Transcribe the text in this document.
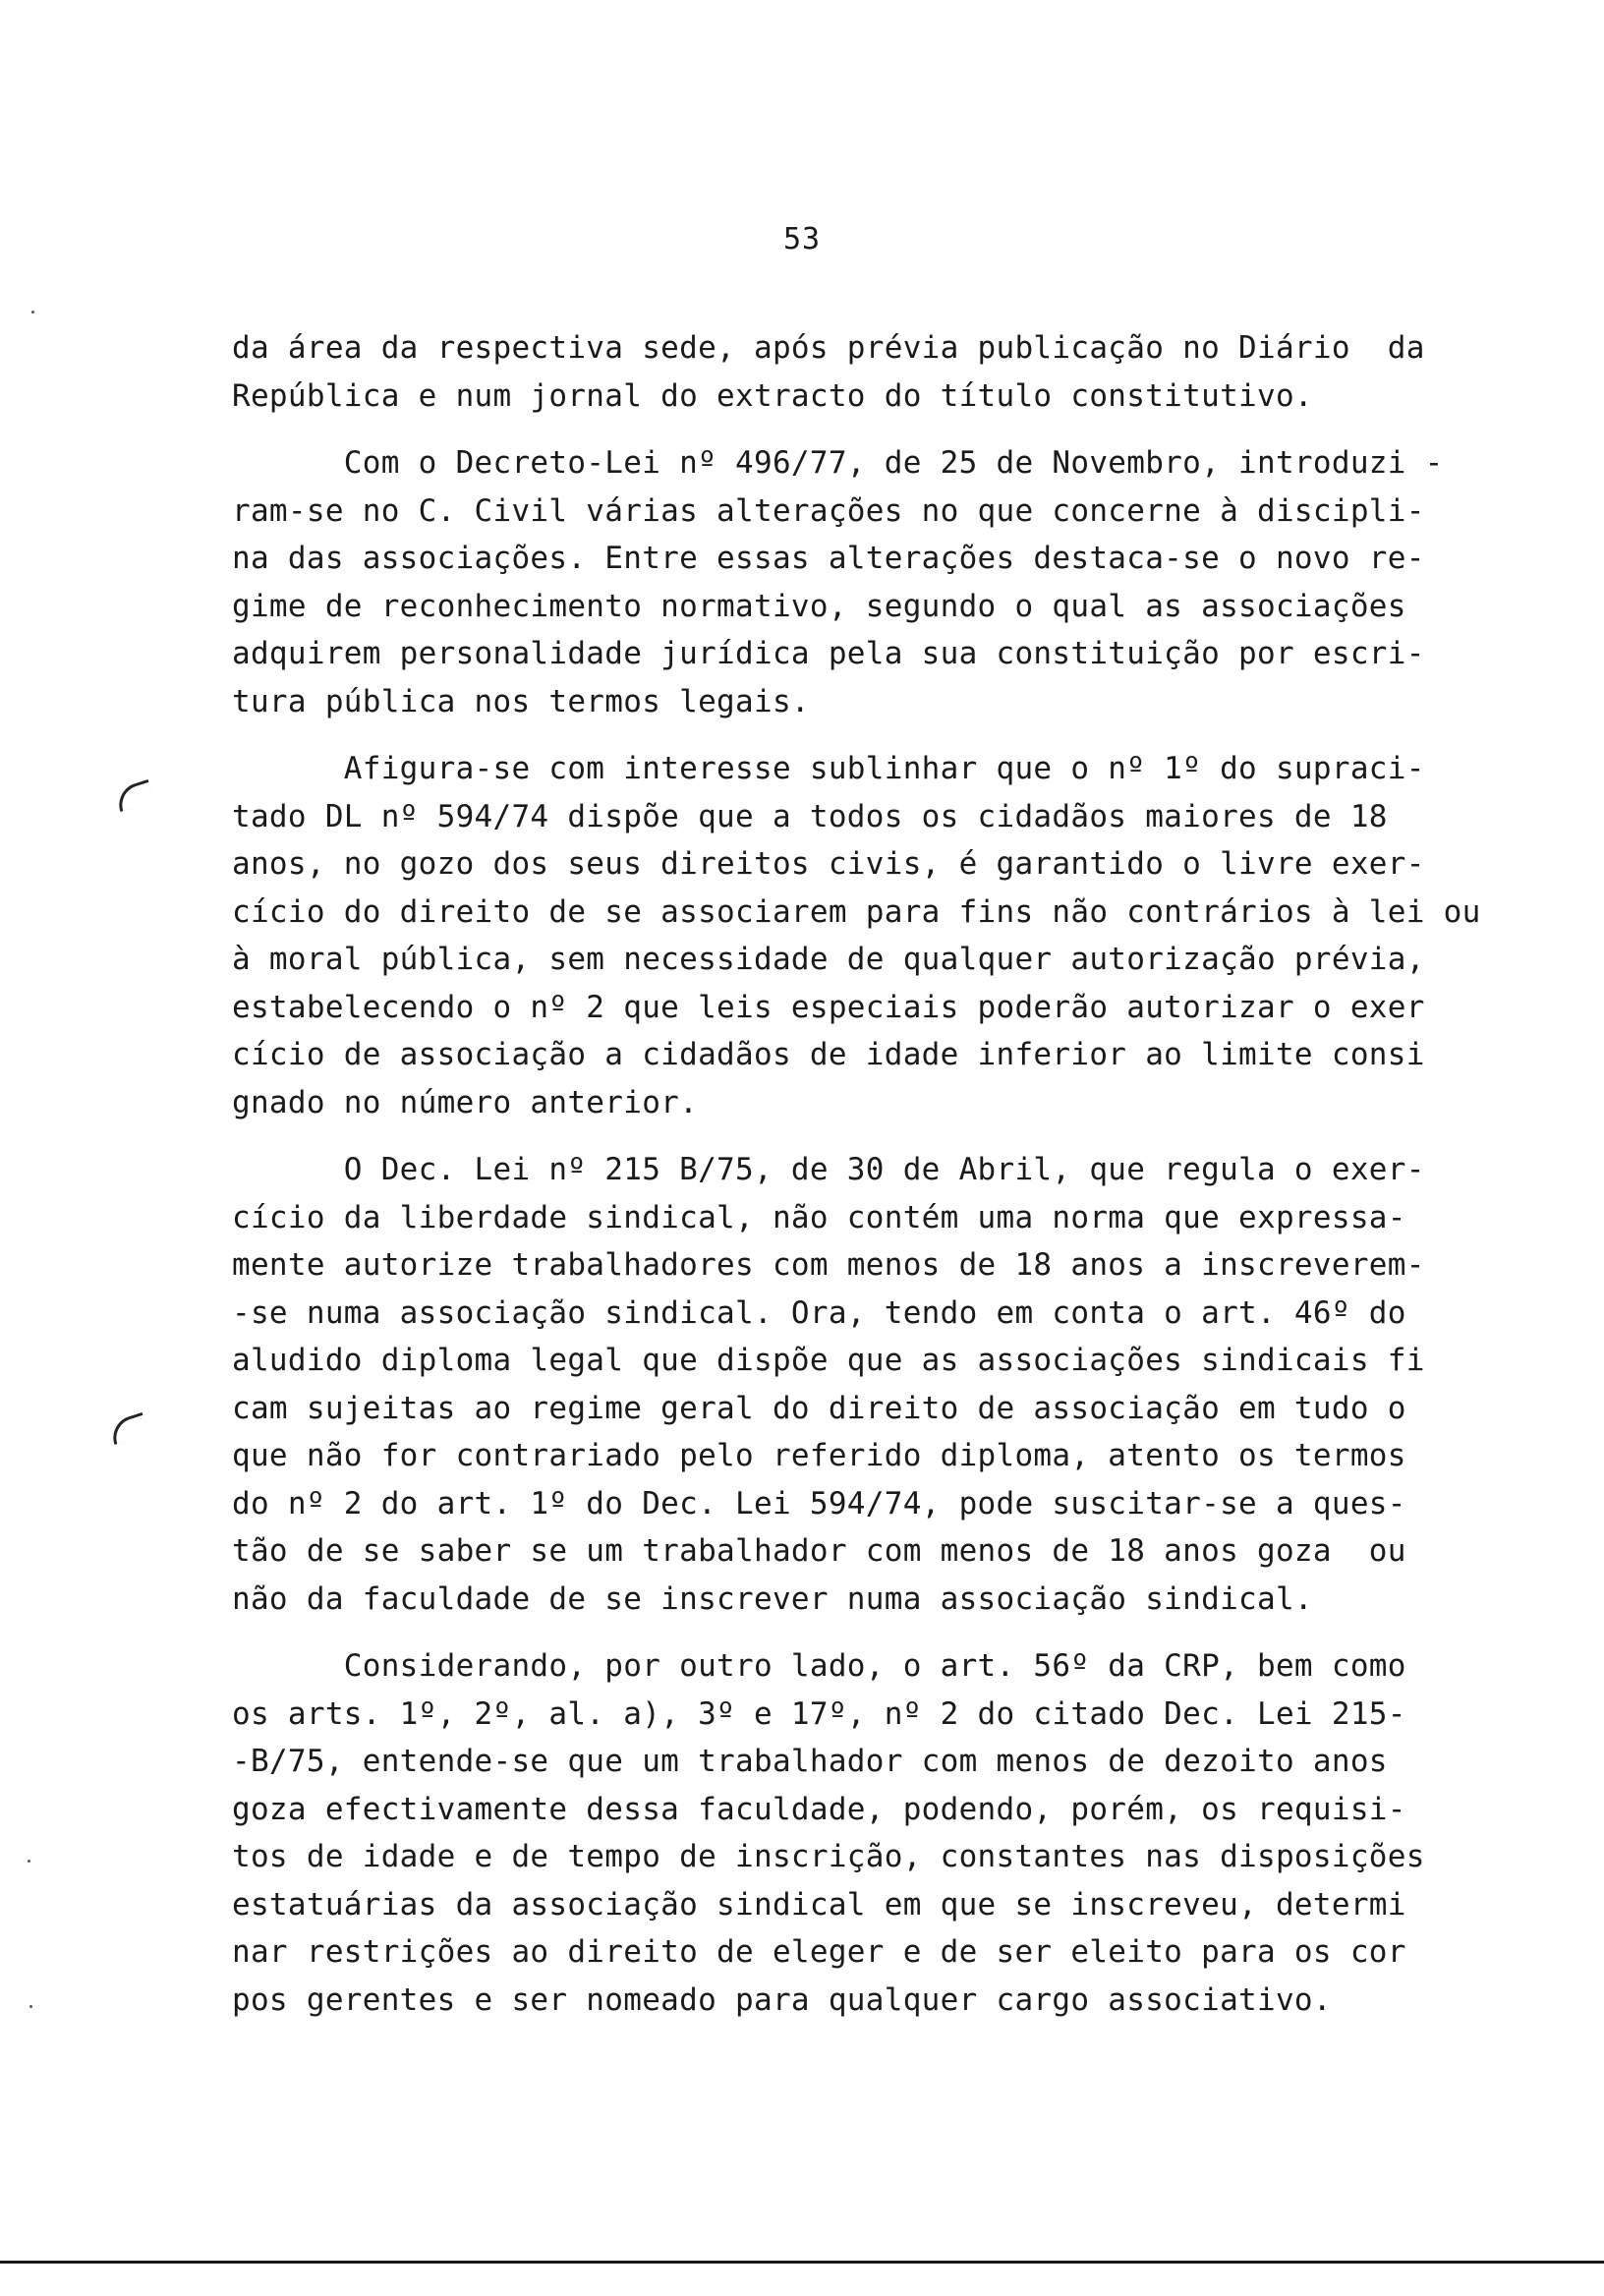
53
da área da respectiva sede, após prévia publicação no Diário  da
República e num jornal do extracto do título constitutivo.
Com o Decreto-Lei nº 496/77, de 25 de Novembro, introduzi -
ram-se no C. Civil várias alterações no que concerne à discipli-
na das associações. Entre essas alterações destaca-se o novo re-
gime de reconhecimento normativo, segundo o qual as associações
adquirem personalidade jurídica pela sua constituição por escri-
tura pública nos termos legais.
Afigura-se com interesse sublinhar que o nº 1º do supraci-
tado DL nº 594/74 dispõe que a todos os cidadãos maiores de 18
anos, no gozo dos seus direitos civis, é garantido o livre exer-
cício do direito de se associarem para fins não contrários à lei ou
à moral pública, sem necessidade de qualquer autorização prévia,
estabelecendo o nº 2 que leis especiais poderão autorizar o exer
cício de associação a cidadãos de idade inferior ao limite consi
gnado no número anterior.
O Dec. Lei nº 215 B/75, de 30 de Abril, que regula o exer-
cício da liberdade sindical, não contém uma norma que expressa-
mente autorize trabalhadores com menos de 18 anos a inscreverem-
-se numa associação sindical. Ora, tendo em conta o art. 46º do
aludido diploma legal que dispõe que as associações sindicais fi
cam sujeitas ao regime geral do direito de associação em tudo o
que não for contrariado pelo referido diploma, atento os termos
do nº 2 do art. 1º do Dec. Lei 594/74, pode suscitar-se a ques-
tão de se saber se um trabalhador com menos de 18 anos goza  ou
não da faculdade de se inscrever numa associação sindical.
Considerando, por outro lado, o art. 56º da CRP, bem como
os arts. 1º, 2º, al. a), 3º e 17º, nº 2 do citado Dec. Lei 215-
-B/75, entende-se que um trabalhador com menos de dezoito anos
goza efectivamente dessa faculdade, podendo, porém, os requisi-
tos de idade e de tempo de inscrição, constantes nas disposições
estatuárias da associação sindical em que se inscreveu, determi
nar restrições ao direito de eleger e de ser eleito para os cor
pos gerentes e ser nomeado para qualquer cargo associativo.
